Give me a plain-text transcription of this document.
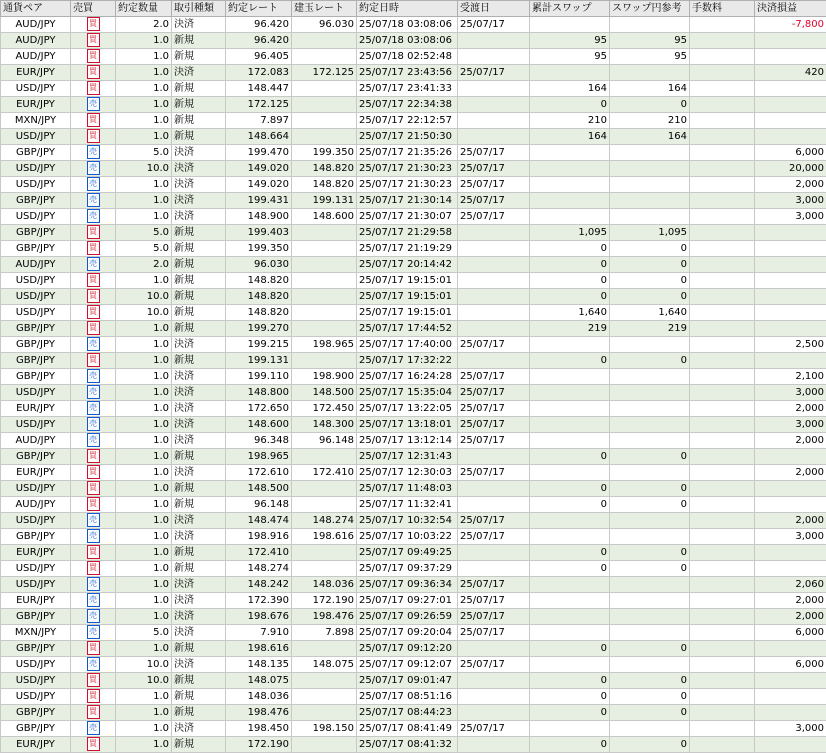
通貨ペア	売買	約定数量	取引種類	約定レート	建玉レート	約定日時	受渡日	累計スワップ	スワップ円参考	手数料	決済損益
AUD/JPY	買	2.0	決済	96.420	96.030	25/07/18 03:08:06	25/07/17				-7,800
AUD/JPY	買	1.0	新規	96.420		25/07/18 03:08:06		95	95		
AUD/JPY	買	1.0	新規	96.405		25/07/18 02:52:48		95	95		
EUR/JPY	買	1.0	決済	172.083	172.125	25/07/17 23:43:56	25/07/17				420
USD/JPY	買	1.0	新規	148.447		25/07/17 23:41:33		164	164		
EUR/JPY	売	1.0	新規	172.125		25/07/17 22:34:38		0	0		
MXN/JPY	買	1.0	新規	7.897		25/07/17 22:12:57		210	210		
USD/JPY	買	1.0	新規	148.664		25/07/17 21:50:30		164	164		
GBP/JPY	売	5.0	決済	199.470	199.350	25/07/17 21:35:26	25/07/17				6,000
USD/JPY	売	10.0	決済	149.020	148.820	25/07/17 21:30:23	25/07/17				20,000
USD/JPY	売	1.0	決済	149.020	148.820	25/07/17 21:30:23	25/07/17				2,000
GBP/JPY	売	1.0	決済	199.431	199.131	25/07/17 21:30:14	25/07/17				3,000
USD/JPY	売	1.0	決済	148.900	148.600	25/07/17 21:30:07	25/07/17				3,000
GBP/JPY	買	5.0	新規	199.403		25/07/17 21:29:58		1,095	1,095		
GBP/JPY	買	5.0	新規	199.350		25/07/17 21:19:29		0	0		
AUD/JPY	売	2.0	新規	96.030		25/07/17 20:14:42		0	0		
USD/JPY	買	1.0	新規	148.820		25/07/17 19:15:01		0	0		
USD/JPY	買	10.0	新規	148.820		25/07/17 19:15:01		0	0		
USD/JPY	買	10.0	新規	148.820		25/07/17 19:15:01		1,640	1,640		
GBP/JPY	買	1.0	新規	199.270		25/07/17 17:44:52		219	219		
GBP/JPY	売	1.0	決済	199.215	198.965	25/07/17 17:40:00	25/07/17				2,500
GBP/JPY	買	1.0	新規	199.131		25/07/17 17:32:22		0	0		
GBP/JPY	売	1.0	決済	199.110	198.900	25/07/17 16:24:28	25/07/17				2,100
USD/JPY	売	1.0	決済	148.800	148.500	25/07/17 15:35:04	25/07/17				3,000
EUR/JPY	売	1.0	決済	172.650	172.450	25/07/17 13:22:05	25/07/17				2,000
USD/JPY	売	1.0	決済	148.600	148.300	25/07/17 13:18:01	25/07/17				3,000
AUD/JPY	売	1.0	決済	96.348	96.148	25/07/17 13:12:14	25/07/17				2,000
GBP/JPY	買	1.0	新規	198.965		25/07/17 12:31:43		0	0		
EUR/JPY	買	1.0	決済	172.610	172.410	25/07/17 12:30:03	25/07/17				2,000
USD/JPY	買	1.0	新規	148.500		25/07/17 11:48:03		0	0		
AUD/JPY	買	1.0	新規	96.148		25/07/17 11:32:41		0	0		
USD/JPY	売	1.0	決済	148.474	148.274	25/07/17 10:32:54	25/07/17				2,000
GBP/JPY	売	1.0	決済	198.916	198.616	25/07/17 10:03:22	25/07/17				3,000
EUR/JPY	買	1.0	新規	172.410		25/07/17 09:49:25		0	0		
USD/JPY	買	1.0	新規	148.274		25/07/17 09:37:29		0	0		
USD/JPY	売	1.0	決済	148.242	148.036	25/07/17 09:36:34	25/07/17				2,060
EUR/JPY	売	1.0	決済	172.390	172.190	25/07/17 09:27:01	25/07/17				2,000
GBP/JPY	売	1.0	決済	198.676	198.476	25/07/17 09:26:59	25/07/17				2,000
MXN/JPY	売	5.0	決済	7.910	7.898	25/07/17 09:20:04	25/07/17				6,000
GBP/JPY	買	1.0	新規	198.616		25/07/17 09:12:20		0	0		
USD/JPY	売	10.0	決済	148.135	148.075	25/07/17 09:12:07	25/07/17				6,000
USD/JPY	買	10.0	新規	148.075		25/07/17 09:01:47		0	0		
USD/JPY	買	1.0	新規	148.036		25/07/17 08:51:16		0	0		
GBP/JPY	買	1.0	新規	198.476		25/07/17 08:44:23		0	0		
GBP/JPY	売	1.0	決済	198.450	198.150	25/07/17 08:41:49	25/07/17				3,000
EUR/JPY	買	1.0	新規	172.190		25/07/17 08:41:32		0	0		
